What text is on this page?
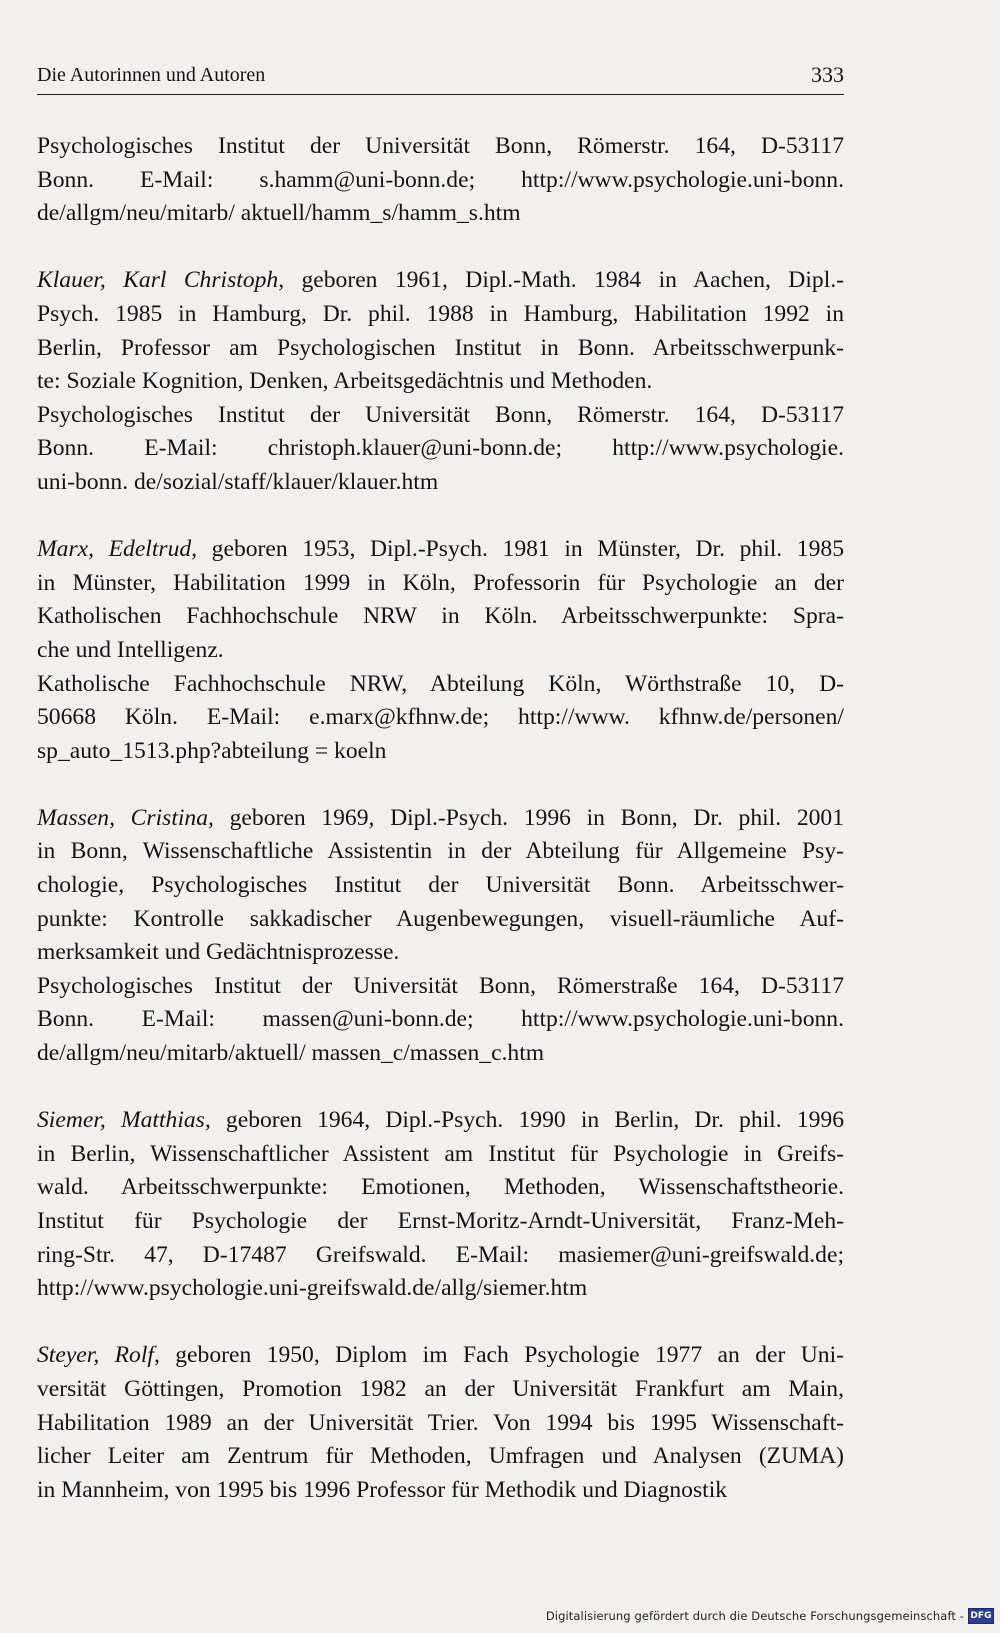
Die Autorinnen und Autoren	333
Psychologisches Institut der Universität Bonn, Römerstr. 164, D-53117
Bonn. E-Mail: s.hamm@uni-bonn.de; http://www.psychologie.uni-bonn.
de/allgm/neu/mitarb/ aktuell/hamm_s/hamm_s.htm
Klauer, Karl Christoph, geboren 1961, Dipl.-Math. 1984 in Aachen, Dipl.-
Psych. 1985 in Hamburg, Dr. phil. 1988 in Hamburg, Habilitation 1992 in
Berlin, Professor am Psychologischen Institut in Bonn. Arbeitsschwerpunk-
te: Soziale Kognition, Denken, Arbeitsgedächtnis und Methoden.
Psychologisches Institut der Universität Bonn, Römerstr. 164, D-53117
Bonn. E-Mail: christoph.klauer@uni-bonn.de; http://www.psychologie.
uni-bonn. de/sozial/staff/klauer/klauer.htm
Marx, Edeltrud, geboren 1953, Dipl.-Psych. 1981 in Münster, Dr. phil. 1985
in Münster, Habilitation 1999 in Köln, Professorin für Psychologie an der
Katholischen Fachhochschule NRW in Köln. Arbeitsschwerpunkte: Spra-
che und Intelligenz.
Katholische Fachhochschule NRW, Abteilung Köln, Wörthstraße 10, D-
50668 Köln. E-Mail: e.marx@kfhnw.de; http://www. kfhnw.de/personen/
sp_auto_1513.php?abteilung = koeln
Massen, Cristina, geboren 1969, Dipl.-Psych. 1996 in Bonn, Dr. phil. 2001
in Bonn, Wissenschaftliche Assistentin in der Abteilung für Allgemeine Psy-
chologie, Psychologisches Institut der Universität Bonn. Arbeitsschwer-
punkte: Kontrolle sakkadischer Augenbewegungen, visuell-räumliche Auf-
merksamkeit und Gedächtnisprozesse.
Psychologisches Institut der Universität Bonn, Römerstraße 164, D-53117
Bonn. E-Mail: massen@uni-bonn.de; http://www.psychologie.uni-bonn.
de/allgm/neu/mitarb/aktuell/ massen_c/massen_c.htm
Siemer, Matthias, geboren 1964, Dipl.-Psych. 1990 in Berlin, Dr. phil. 1996
in Berlin, Wissenschaftlicher Assistent am Institut für Psychologie in Greifs-
wald. Arbeitsschwerpunkte: Emotionen, Methoden, Wissenschaftstheorie.
Institut für Psychologie der Ernst-Moritz-Arndt-Universität, Franz-Meh-
ring-Str. 47, D-17487 Greifswald. E-Mail: masiemer@uni-greifswald.de;
http://www.psychologie.uni-greifswald.de/allg/siemer.htm
Steyer, Rolf, geboren 1950, Diplom im Fach Psychologie 1977 an der Uni-
versität Göttingen, Promotion 1982 an der Universität Frankfurt am Main,
Habilitation 1989 an der Universität Trier. Von 1994 bis 1995 Wissenschaft-
licher Leiter am Zentrum für Methoden, Umfragen und Analysen (ZUMA)
in Mannheim, von 1995 bis 1996 Professor für Methodik und Diagnostik
Digitalisierung gefördert durch die Deutsche Forschungsgemeinschaft - DFG
